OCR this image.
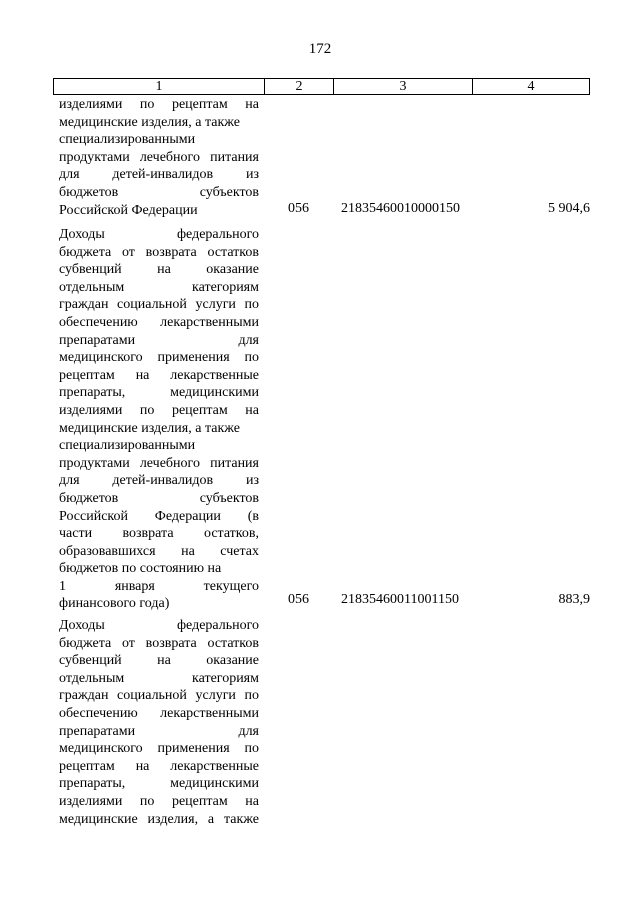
172
1	2	3	4
изделиями по рецептам на
медицинские изделия, а также
специализированными
продуктами лечебного питания
для детей-инвалидов из
бюджетов субъектов
Российской Федерации	056	21835460010000150	5 904,6
Доходы федерального
бюджета от возврата остатков
субвенций на оказание
отдельным категориям
граждан социальной услуги по
обеспечению лекарственными
препаратами для
медицинского применения по
рецептам на лекарственные
препараты, медицинскими
изделиями по рецептам на
медицинские изделия, а также
специализированными
продуктами лечебного питания
для детей-инвалидов из
бюджетов субъектов
Российской Федерации (в
части возврата остатков,
образовавшихся на счетах
бюджетов по состоянию на
1 января текущего
финансового года)	056	21835460011001150	883,9
Доходы федерального
бюджета от возврата остатков
субвенций на оказание
отдельным категориям
граждан социальной услуги по
обеспечению лекарственными
препаратами для
медицинского применения по
рецептам на лекарственные
препараты, медицинскими
изделиями по рецептам на
медицинские изделия, а также
